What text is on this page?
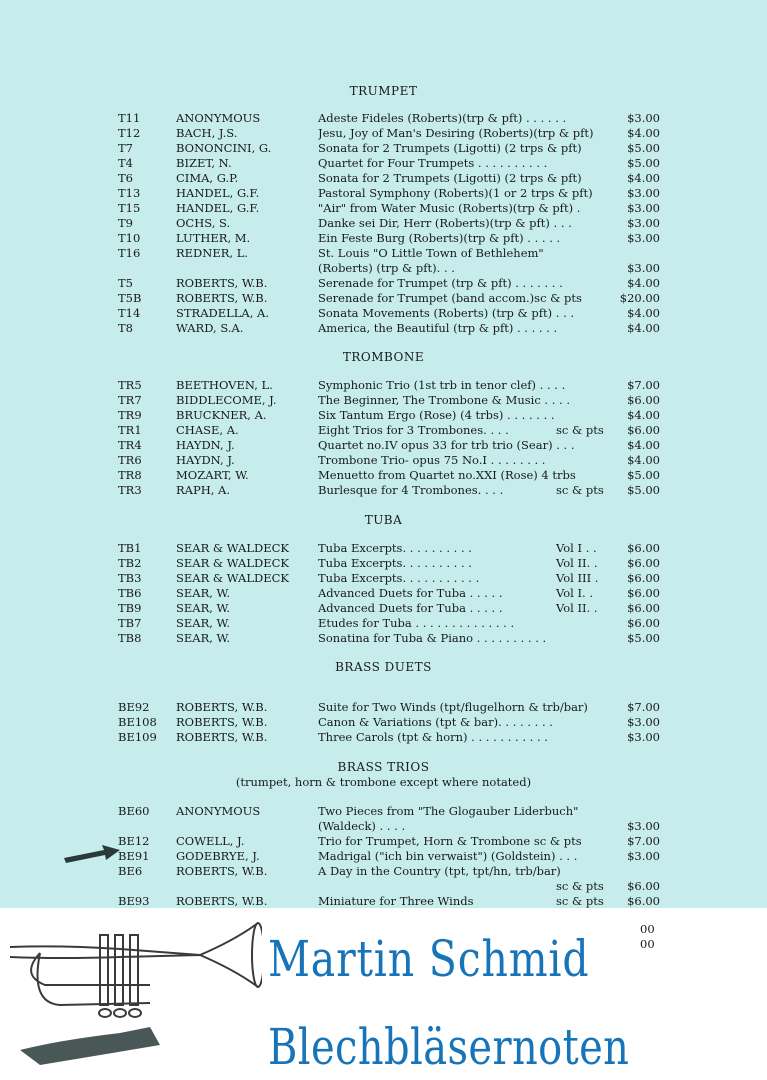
TRUMPET
T11	ANONYMOUS	Adeste Fideles (Roberts)(trp & pft) . . . . . .	$3.00
T12	BACH, J.S.	Jesu, Joy of Man's Desiring (Roberts)(trp & pft)	$4.00
T7	BONONCINI, G.	Sonata for 2 Trumpets (Ligotti) (2 trps & pft)	$5.00
T4	BIZET, N.	Quartet for Four Trumpets . . . . . . . . . .	$5.00
T6	CIMA, G.P.	Sonata for 2 Trumpets (Ligotti) (2 trps & pft)	$4.00
T13	HANDEL, G.F.	Pastoral Symphony (Roberts)(1 or 2 trps & pft)	$3.00
T15	HANDEL, G.F.	"Air" from Water Music (Roberts)(trp & pft) .	$3.00
T9	OCHS, S.	Danke sei Dir, Herr (Roberts)(trp & pft) . . .	$3.00
T10	LUTHER, M.	Ein Feste Burg (Roberts)(trp & pft) . . . . .	$3.00
T16	REDNER, L.	St. Louis "O Little Town of Bethlehem"
(Roberts) (trp & pft). . .	$3.00
T5	ROBERTS, W.B.	Serenade for Trumpet (trp & pft) . . . . . . .	$4.00
T5B	ROBERTS, W.B.	Serenade for Trumpet (band accom.)sc & pts	$20.00
T14	STRADELLA, A.	Sonata Movements (Roberts) (trp & pft) . . .	$4.00
T8	WARD, S.A.	America, the Beautiful (trp & pft) . . . . . .	$4.00
TROMBONE
TR5	BEETHOVEN, L.	Symphonic Trio (1st trb in tenor clef) . . . .	$7.00
TR7	BIDDLECOME, J.	The Beginner, The Trombone & Music . . . .	$6.00
TR9	BRUCKNER, A.	Six Tantum Ergo (Rose) (4 trbs) . . . . . . .	$4.00
TR1	CHASE, A.	Eight Trios for 3 Trombones. . . .	sc & pts	$6.00
TR4	HAYDN, J.	Quartet no.IV opus 33 for trb trio (Sear) . . .	$4.00
TR6	HAYDN, J.	Trombone Trio- opus 75 No.I . . . . . . . .	$4.00
TR8	MOZART, W.	Menuetto from Quartet no.XXI (Rose) 4 trbs	$5.00
TR3	RAPH, A.	Burlesque for 4 Trombones. . . .	sc & pts	$5.00
TUBA
TB1	SEAR & WALDECK	Tuba Excerpts. . . . . . . . . .	Vol I . .	$6.00
TB2	SEAR & WALDECK	Tuba Excerpts. . . . . . . . . .	Vol II. .	$6.00
TB3	SEAR & WALDECK	Tuba Excerpts. . . . . . . . . . .	Vol III .	$6.00
TB6	SEAR, W.	Advanced Duets for Tuba . . . . .	Vol I. .	$6.00
TB9	SEAR, W.	Advanced Duets for Tuba . . . . .	Vol II. .	$6.00
TB7	SEAR, W.	Etudes for Tuba . . . . . . . . . . . . . .	$6.00
TB8	SEAR, W.	Sonatina for Tuba & Piano . . . . . . . . . .	$5.00
BRASS DUETS
BE92 ROBERTS, W.B.	Suite for Two Winds (tpt/flugelhorn & trb/bar)	$7.00
BE108 ROBERTS, W.B.	Canon & Variations (tpt & bar). . . . . . . .	$3.00
BE109 ROBERTS, W.B.	Three Carols (tpt & horn) . . . . . . . . . . .	$3.00
BRASS TRIOS
(trumpet, horn & trombone except where notated)
BE60 ANONYMOUS	Two Pieces from "The Glogauber Liderbuch"
(Waldeck) . . . .	$3.00
BE12 COWELL, J.	Trio for Trumpet, Horn & Trombone sc & pts	$7.00
BE91 GODEBRYE, J.	Madrigal ("ich bin verwaist") (Goldstein) . . .	$3.00
BE6	ROBERTS, W.B.	A Day in the Country (tpt, tpt/hn, trb/bar)
sc & pts	$6.00
BE93 ROBERTS, W.B.	Miniature for Three Winds	sc & pts	$6.00
00
00
Martin Schmid
Blechbläsernoten
